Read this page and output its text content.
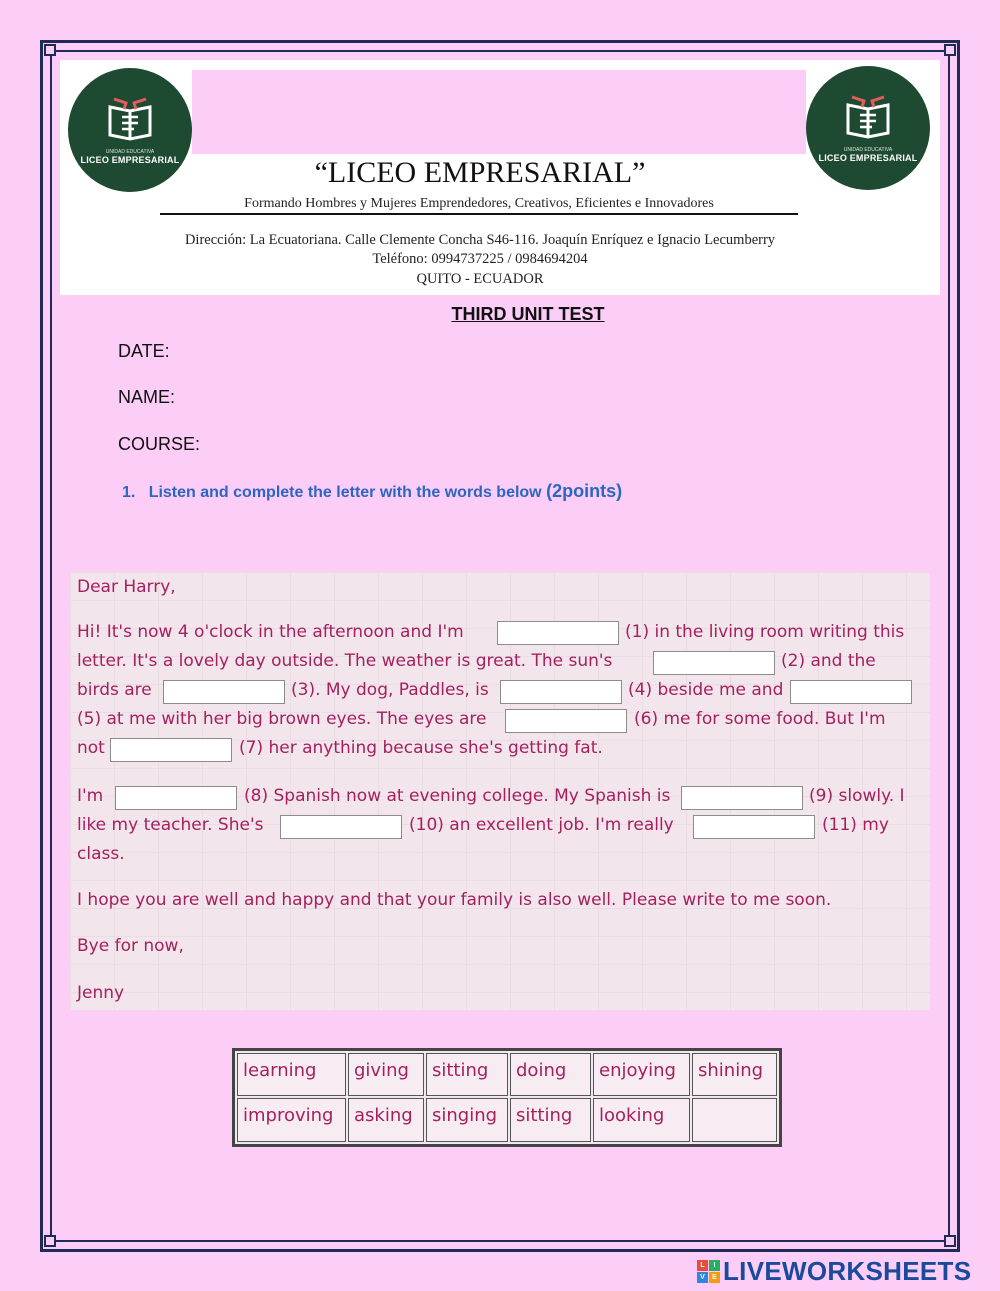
UNIDAD EDUCATIVA
LICEO EMPRESARIAL
UNIDAD EDUCATIVA
LICEO EMPRESARIAL
“LICEO EMPRESARIAL”
Formando Hombres y Mujeres Emprendedores, Creativos, Eficientes e Innovadores
Dirección: La Ecuatoriana. Calle Clemente Concha S46-116. Joaquín Enríquez e Ignacio Lecumberry
Teléfono: 0994737225 / 0984694204
QUITO - ECUADOR
THIRD UNIT TEST
DATE:
NAME:
COURSE:
1. Listen and complete the letter with the words below (2points)
Dear Harry,
Hi! It's now 4 o'clock in the afternoon and I'm	(1) in the living room writing this
letter. It's a lovely day outside. The weather is great. The sun's	(2) and the
birds are	(3). My dog, Paddles, is	(4) beside me and
(5) at me with her big brown eyes. The eyes are	(6) me for some food. But I'm
not	(7) her anything because she's getting fat.
I'm	(8) Spanish now at evening college. My Spanish is	(9) slowly. I
like my teacher. She's	(10) an excellent job. I'm really	(11) my
class.
I hope you are well and happy and that your family is also well. Please write to me soon.
Bye for now,
Jenny
learning	giving	sitting	doing	enjoying	shining
improving	asking	singing	sitting	looking
L	I
V	E LIVEWORKSHEETS
